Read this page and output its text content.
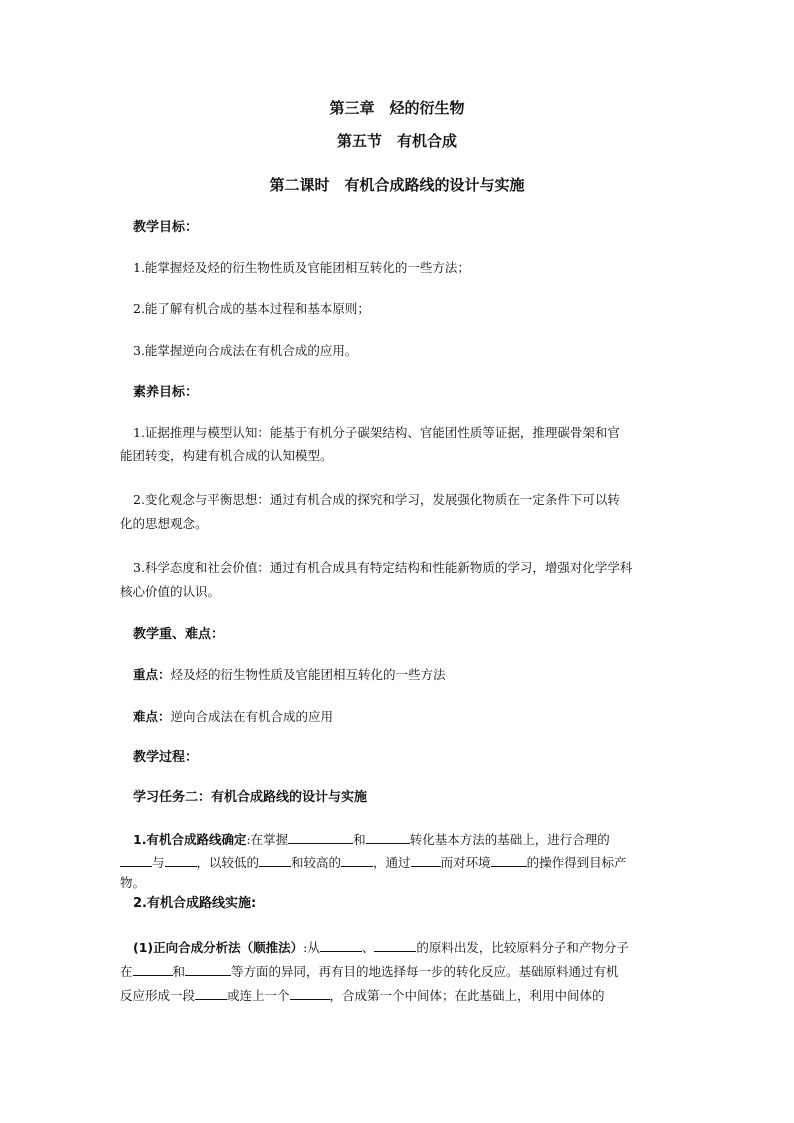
第三章　烃的衍生物
第五节　有机合成
第二课时　有机合成路线的设计与实施
教学目标：
1.能掌握烃及烃的衍生物性质及官能团相互转化的一些方法；
2.能了解有机合成的基本过程和基本原则；
3.能掌握逆向合成法在有机合成的应用。
素养目标：
1.证据推理与模型认知：能基于有机分子碳架结构、官能团性质等证据，推理碳骨架和官
能团转变，构建有机合成的认知模型。
2.变化观念与平衡思想：通过有机合成的探究和学习，发展强化物质在一定条件下可以转
化的思想观念。
3.科学态度和社会价值：通过有机合成具有特定结构和性能新物质的学习，增强对化学学科
核心价值的认识。
教学重、难点：
重点：烃及烃的衍生物性质及官能团相互转化的一些方法
难点：逆向合成法在有机合成的应用
教学过程：
学习任务二：有机合成路线的设计与实施
1.有机合成路线确定:在掌握	和	转化基本方法的基础上，进行合理的
与	，以较低的	和较高的	，通过 而对环境	的操作得到目标产
物。
2.有机合成路线实施:
(1)正向合成分析法（顺推法）:从	、	的原料出发，比较原料分子和产物分子
在	和	等方面的异同，再有目的地选择每一步的转化反应。基础原料通过有机
反应形成一段	或连上一个	，合成第一个中间体；在此基础上，利用中间体的
